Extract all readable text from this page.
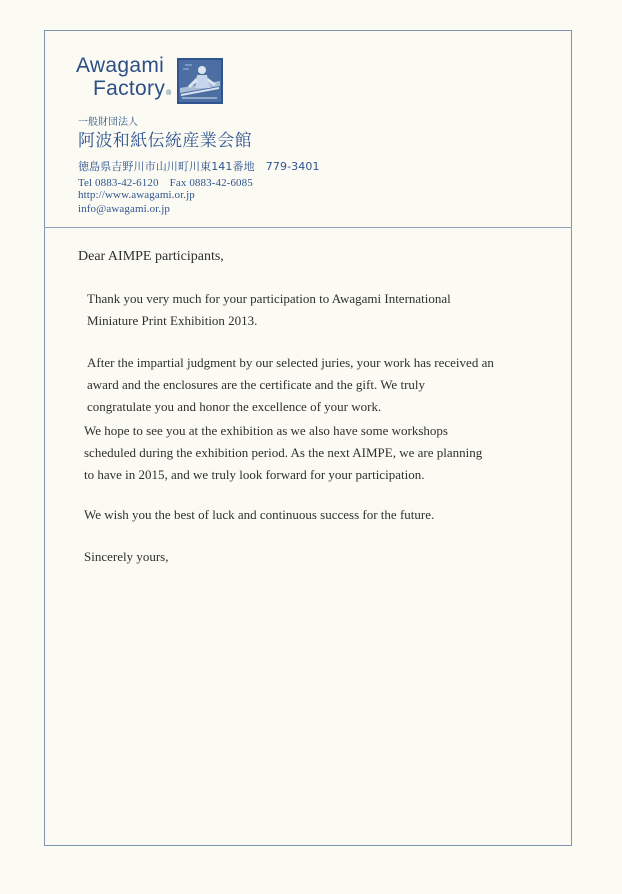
Awagami
Factory®
一般財団法人
阿波和紙伝統産業会館
徳島県吉野川市山川町川東141番地　779-3401
Tel 0883-42-6120　Fax 0883-42-6085
http://www.awagami.or.jp
info@awagami.or.jp
Dear AIMPE participants,
Thank you very much for your participation to Awagami International
Miniature Print Exhibition 2013.
After the impartial judgment by our selected juries, your work has received an
award and the enclosures are the certificate and the gift. We truly
congratulate you and honor the excellence of your work.
We hope to see you at the exhibition as we also have some workshops
scheduled during the exhibition period. As the next AIMPE, we are planning
to have in 2015, and we truly look forward for your participation.
We wish you the best of luck and continuous success for the future.
Sincerely yours,
